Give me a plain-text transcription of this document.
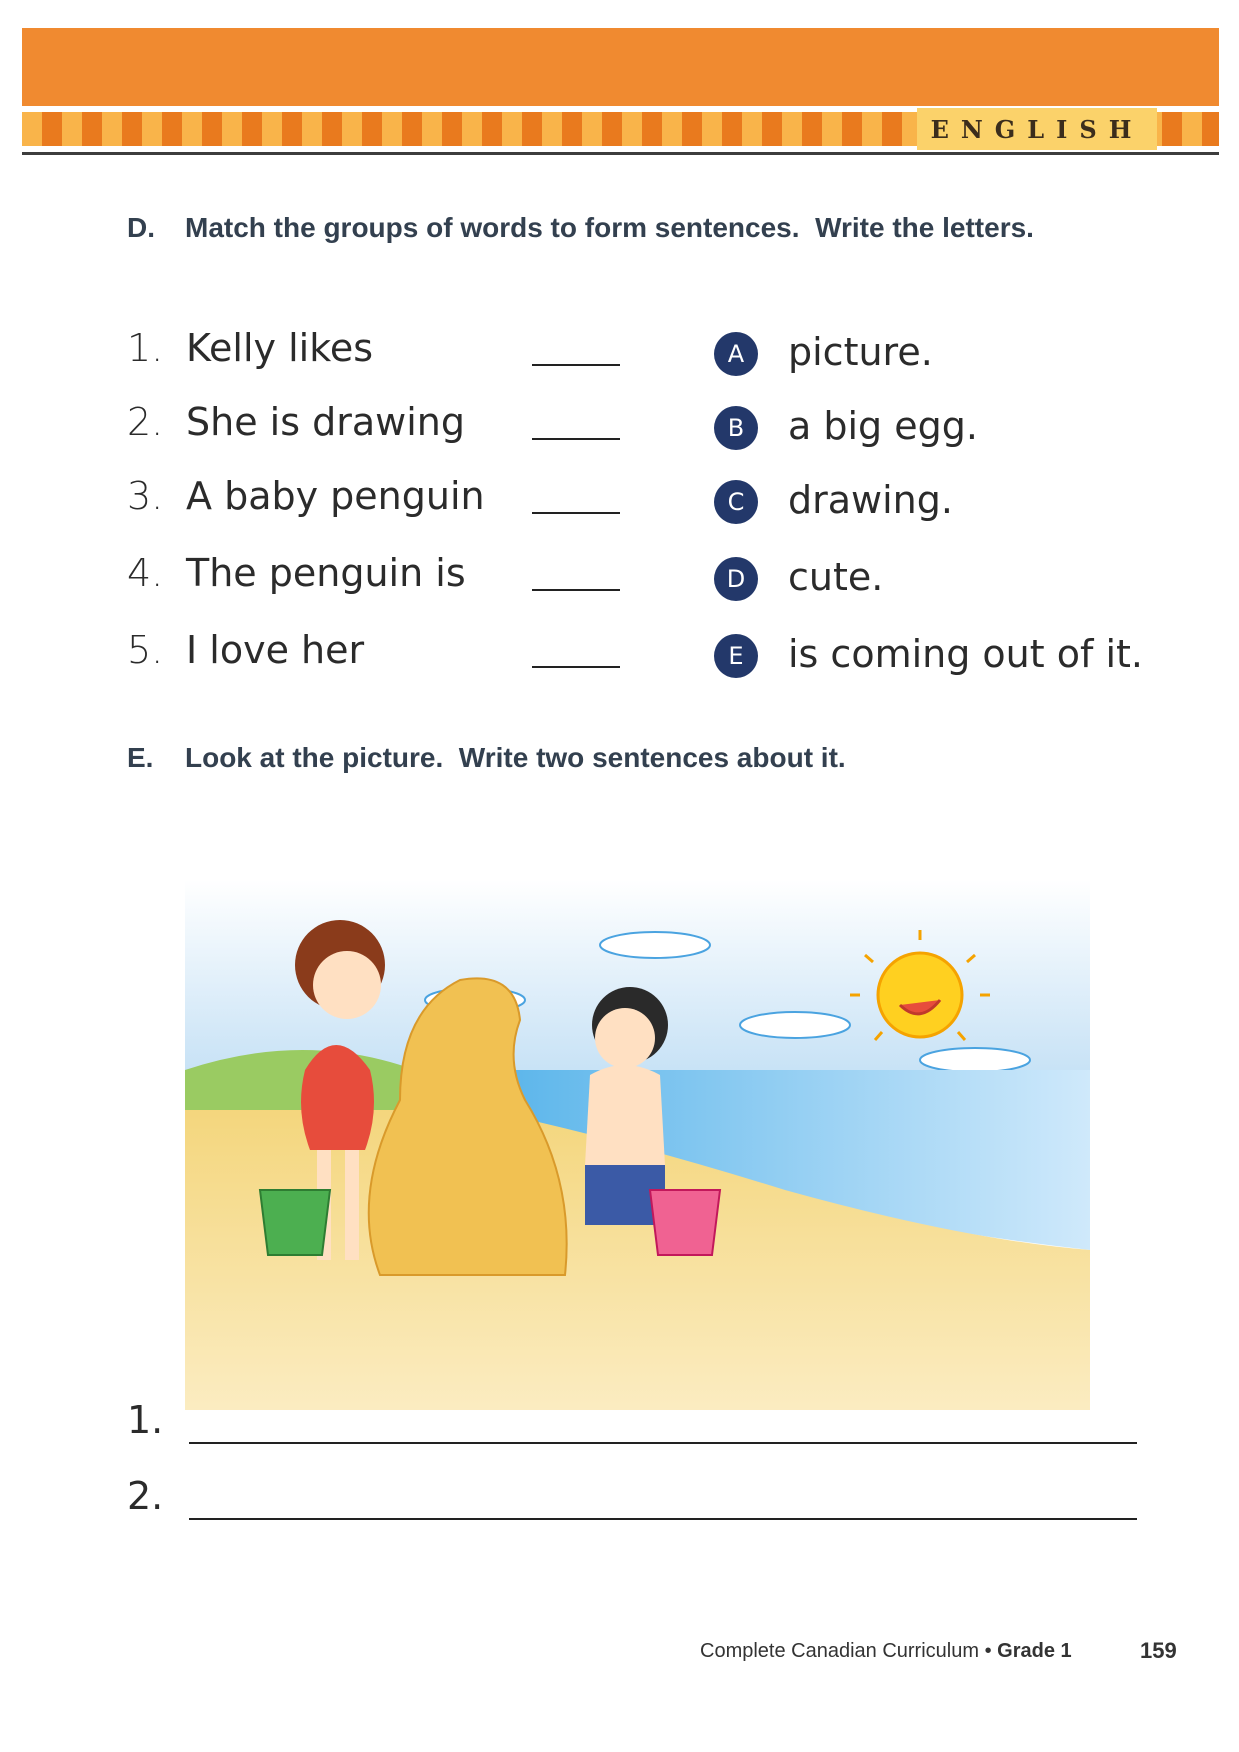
ENGLISH
D.	Match the groups of words to form sentences.  Write the letters.
1. Kelly likes	A	picture.
2. She is drawing	B	a big egg.
3. A baby penguin	C	drawing.
4. The penguin is	D	cute.
5. I love her	E	is coming out of it.
E.	Look at the picture.  Write two sentences about it.
1.
2.
Complete Canadian Curriculum • Grade 1	159
